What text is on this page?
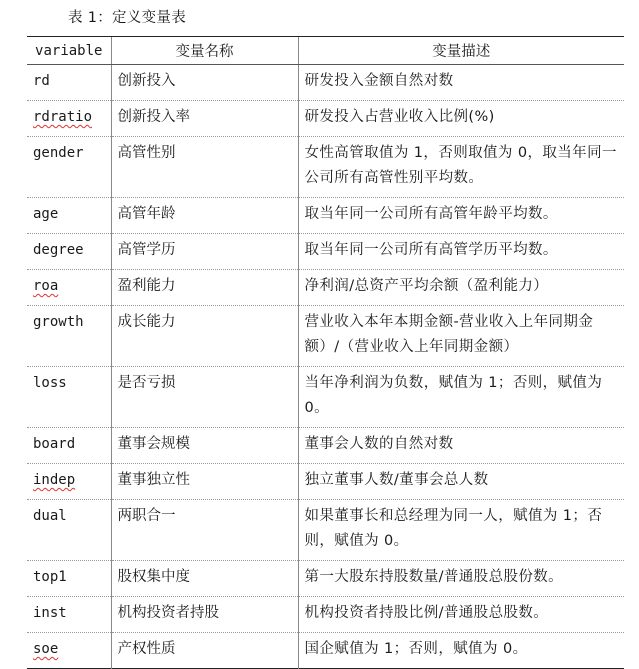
表 1：定义变量表
variable	变量名称	变量描述
rd	创新投入	研发投入金额自然对数
rdratio	创新投入率	研发投入占营业收入比例(%)
gender	高管性别	女性高管取值为 1，否则取值为 0，取当年同一公司所有高管性别平均数。
age	高管年龄	取当年同一公司所有高管年龄平均数。
degree	高管学历	取当年同一公司所有高管学历平均数。
roa	盈利能力	净利润/总资产平均余额（盈利能力）
growth	成长能力	营业收入本年本期金额-营业收入上年同期金额）/（营业收入上年同期金额）
loss	是否亏损	当年净利润为负数，赋值为 1；否则，赋值为 0。
board	董事会规模	董事会人数的自然对数
indep	董事独立性	独立董事人数/董事会总人数
dual	两职合一	如果董事长和总经理为同一人，赋值为 1；否则，赋值为 0。
top1	股权集中度	第一大股东持股数量/普通股总股份数。
inst	机构投资者持股	机构投资者持股比例/普通股总股数。
soe	产权性质	国企赋值为 1；否则，赋值为 0。
